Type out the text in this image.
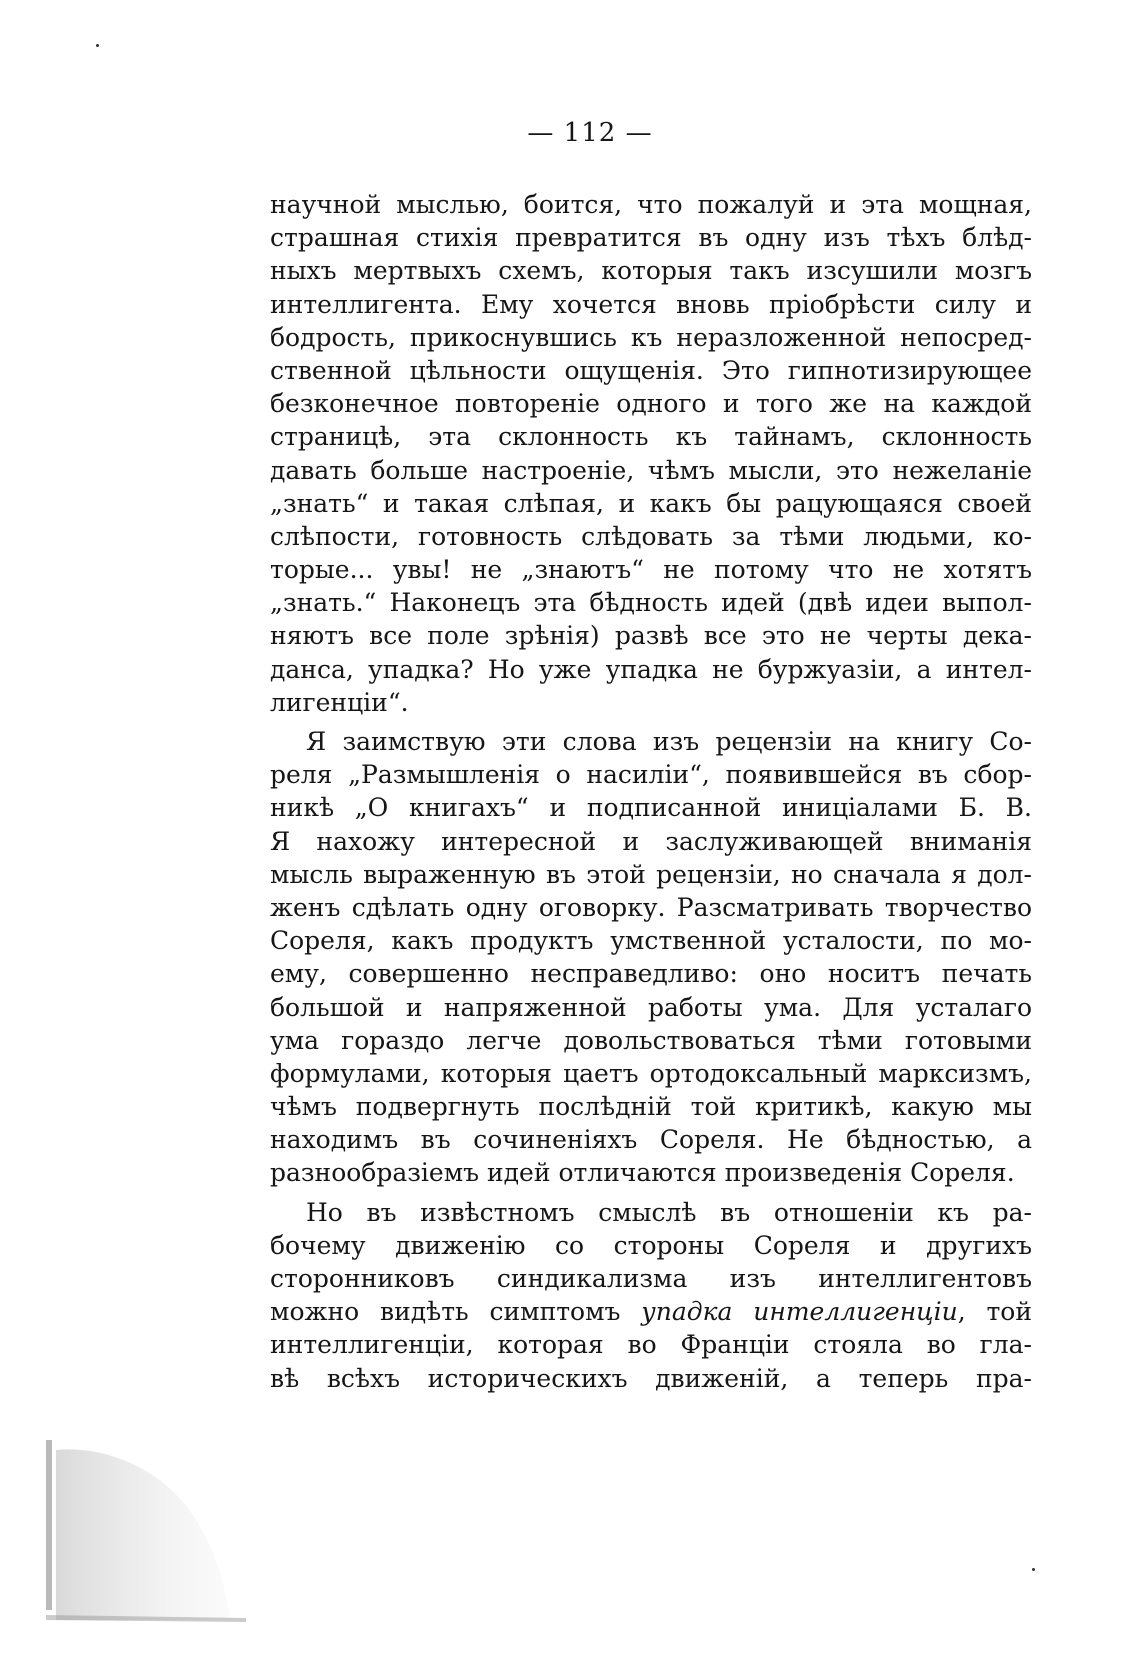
— 112 —
научной мыслью, боится, что пожалуй и эта мощная,
страшная стихія превратится въ одну изъ тѣхъ блѣд-
ныхъ мертвыхъ схемъ, которыя такъ изсушили мозгъ
интеллигента. Ему хочется вновь пріобрѣсти силу и
бодрость, прикоснувшись къ неразложенной непосред-
ственной цѣльности ощущенія. Это гипнотизирующее
безконечное повтореніе одного и того же на каждой
страницѣ, эта склонность къ тайнамъ, склонность
давать больше настроеніе, чѣмъ мысли, это нежеланіе
„знать“ и такая слѣпая, и какъ бы рацующаяся своей
слѣпости, готовность слѣдовать за тѣми людьми, ко-
торые... увы! не „знаютъ“ не потому что не хотятъ
„знать.“ Наконецъ эта бѣдность идей (двѣ идеи выпол-
няютъ все поле зрѣнія) развѣ все это не черты дека-
данса, упадка? Но уже упадка не буржуазіи, а интел-
лигенціи“.
Я заимствую эти слова изъ рецензіи на книгу Со-
реля „Размышленія о насиліи“, появившейся въ сбор-
никѣ „О книгахъ“ и подписанной иниціалами Б. В.
Я нахожу интересной и заслуживающей вниманія
мысль выраженную въ этой рецензіи, но сначала я дол-
женъ сдѣлать одну оговорку. Разсматривать творчество
Сореля, какъ продуктъ умственной усталости, по мо-
ему, совершенно несправедливо: оно носитъ печать
большой и напряженной работы ума. Для усталаго
ума гораздо легче довольствоваться тѣми готовыми
формулами, которыя цаетъ ортодоксальный марксизмъ,
чѣмъ подвергнуть послѣдній той критикѣ, какую мы
находимъ въ сочиненіяхъ Сореля. Не бѣдностью, а
разнообразіемъ идей отличаются произведенія Сореля.
Но въ извѣстномъ смыслѣ въ отношеніи къ ра-
бочему движенію со стороны Сореля и другихъ
сторонниковъ синдикализма изъ интеллигентовъ
можно видѣть симптомъ упадка интеллигенціи, той
интеллигенціи, которая во Франціи стояла во гла-
вѣ всѣхъ историческихъ движеній, а теперь пра-
